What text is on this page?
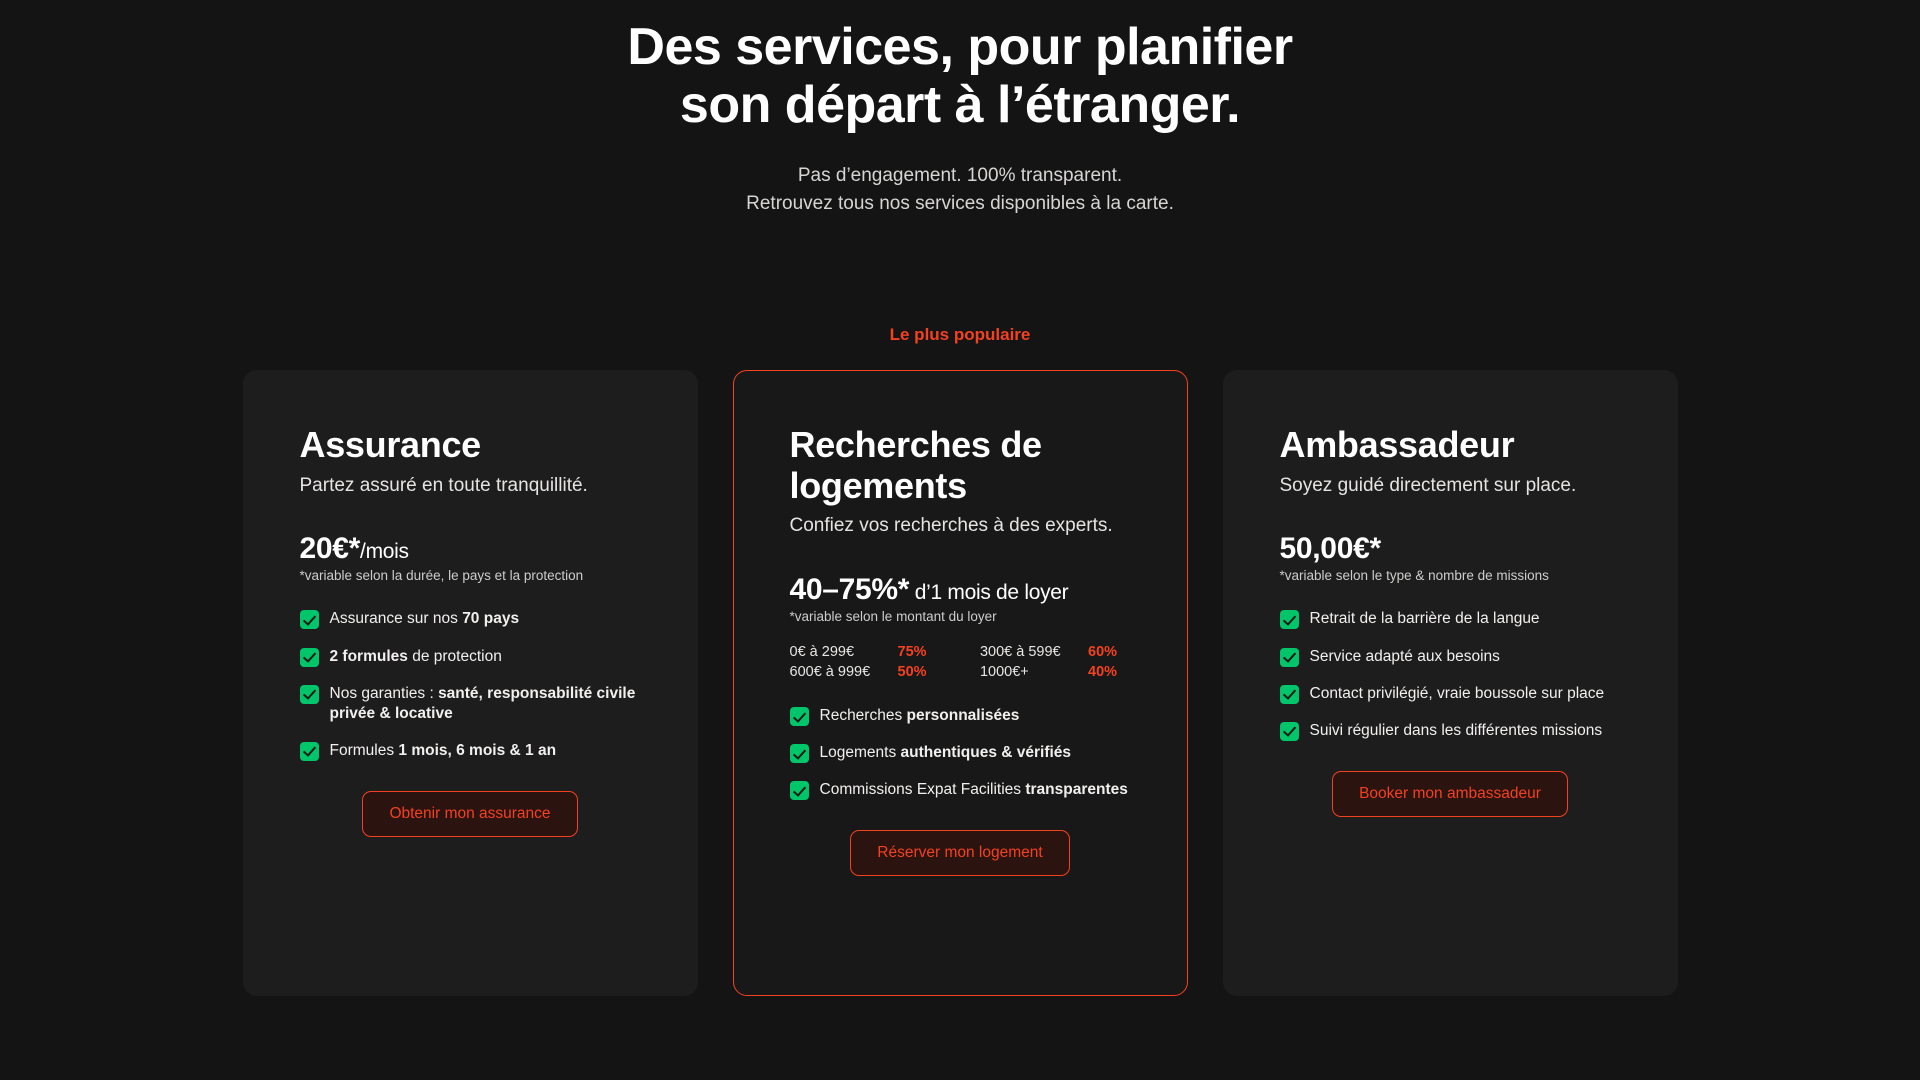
Des services, pour planifier
son départ à l’étranger.
Pas d’engagement. 100% transparent.
Retrouvez tous nos services disponibles à la carte.
Assurance
Partez assuré en toute tranquillité.
20€*/mois
*variable selon la durée, le pays et la protection
Assurance sur nos 70 pays
2 formules de protection
Nos garanties : santé, responsabilité civile privée & locative
Formules 1 mois, 6 mois & 1 an
Obtenir mon assurance
Le plus populaire
Recherches de logements
Confiez vos recherches à des experts.
40–75%* d’1 mois de loyer
*variable selon le montant du loyer
0€ à 299€	75%	300€ à 599€	60%
600€ à 999€	50%	1000€+	40%
Recherches personnalisées
Logements authentiques & vérifiés
Commissions Expat Facilities transparentes
Réserver mon logement
Ambassadeur
Soyez guidé directement sur place.
50,00€*
*variable selon le type & nombre de missions
Retrait de la barrière de la langue
Service adapté aux besoins
Contact privilégié, vraie boussole sur place
Suivi régulier dans les différentes missions
Booker mon ambassadeur
